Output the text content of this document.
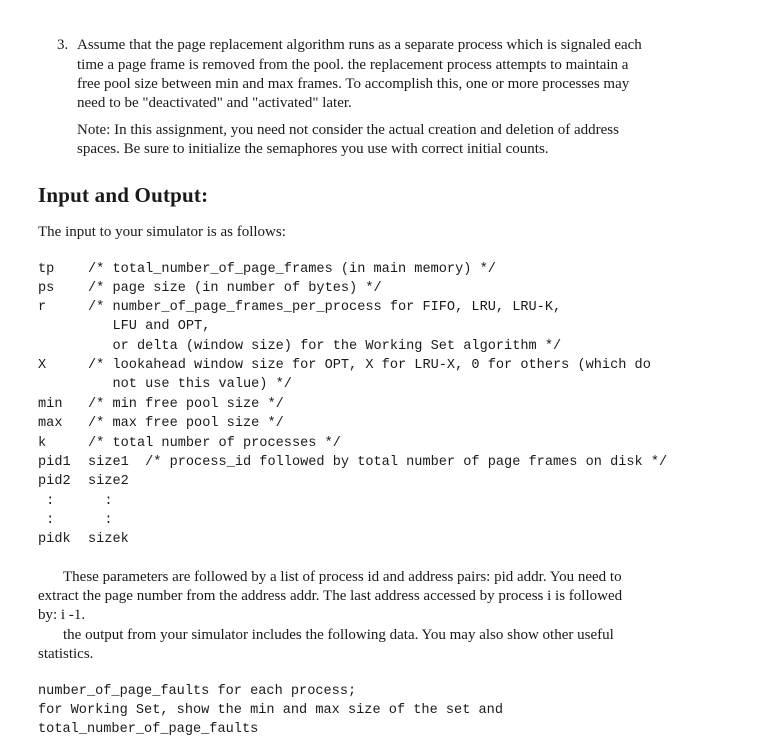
3. Assume that the page replacement algorithm runs as a separate process which is signaled each
time a page frame is removed from the pool. the replacement process attempts to maintain a
free pool size between min and max frames. To accomplish this, one or more processes may
need to be "deactivated" and "activated" later.
Note: In this assignment, you need not consider the actual creation and deletion of address
spaces. Be sure to initialize the semaphores you use with correct initial counts.
Input and Output:
The input to your simulator is as follows:
tp /* total_number_of_page_frames (in main memory) */
ps /* page size (in number of bytes) */
r	/* number_of_page_frames_per_process for FIFO, LRU, LRU-K,
LFU and OPT,
or delta (window size) for the Working Set algorithm */
X	/* lookahead window size for OPT, X for LRU-X, 0 for others (which do
not use this value) */
min /* min free pool size */
max /* max free pool size */
k	/* total number of processes */
pid1 size1  /* process_id followed by total number of page frames on disk */
pid2 size2
: :
: :
pidk sizek
These parameters are followed by a list of process id and address pairs: pid addr. You need to
extract the page number from the address addr. The last address accessed by process i is followed
by: i -1.
the output from your simulator includes the following data. You may also show other useful
statistics.
number_of_page_faults for each process;
for Working Set, show the min and max size of the set and
total_number_of_page_faults
